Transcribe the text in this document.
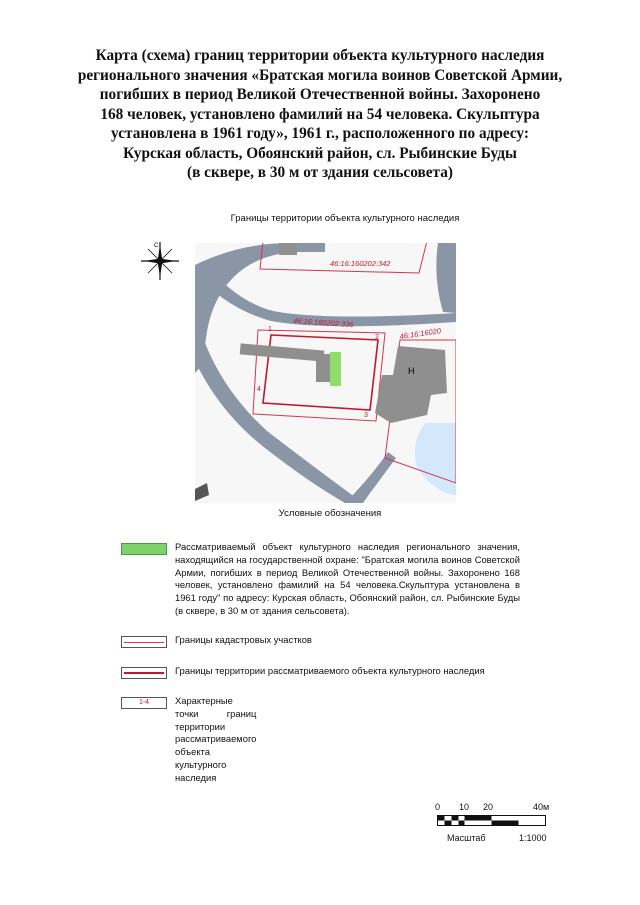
Карта (схема) границ территории объекта культурного наследия
регионального значения «Братская могила воинов Советской Армии,
погибших в период Великой Отечественной войны. Захоронено
168 человек, установлено фамилий на 54 человека. Скульптура
установлена в 1961 году», 1961 г., расположенного по адресу:
Курская область, Обоянский район, сл. Рыбинские Буды
(в сквере, в 30 м от здания сельсовета)
Границы территории объекта культурного наследия
С
Н
1
2
3
4
46:16:160202:342
46:16:160202:336
46:16:16020
Условные обозначения
Рассматриваемый объект культурного наследия регионального значения, находящийся на государственной охране: "Братская могила воинов Советской Армии, погибших в период Великой Отечественной войны. Захоронено 168 человек, установлено фамилий на 54 человека.Скульптура установлена в 1961 году" по адресу: Курская область, Обоянский район, сл. Рыбинские Буды (в сквере, в 30 м от здания сельсовета).
Границы кадастровых участков
Границы территории рассматриваемого объекта культурного наследия
1-4	Характерные точки границ территории
рассматриваемого объекта культурного наследия
0 10 20	40м
Масштаб	1:1000
